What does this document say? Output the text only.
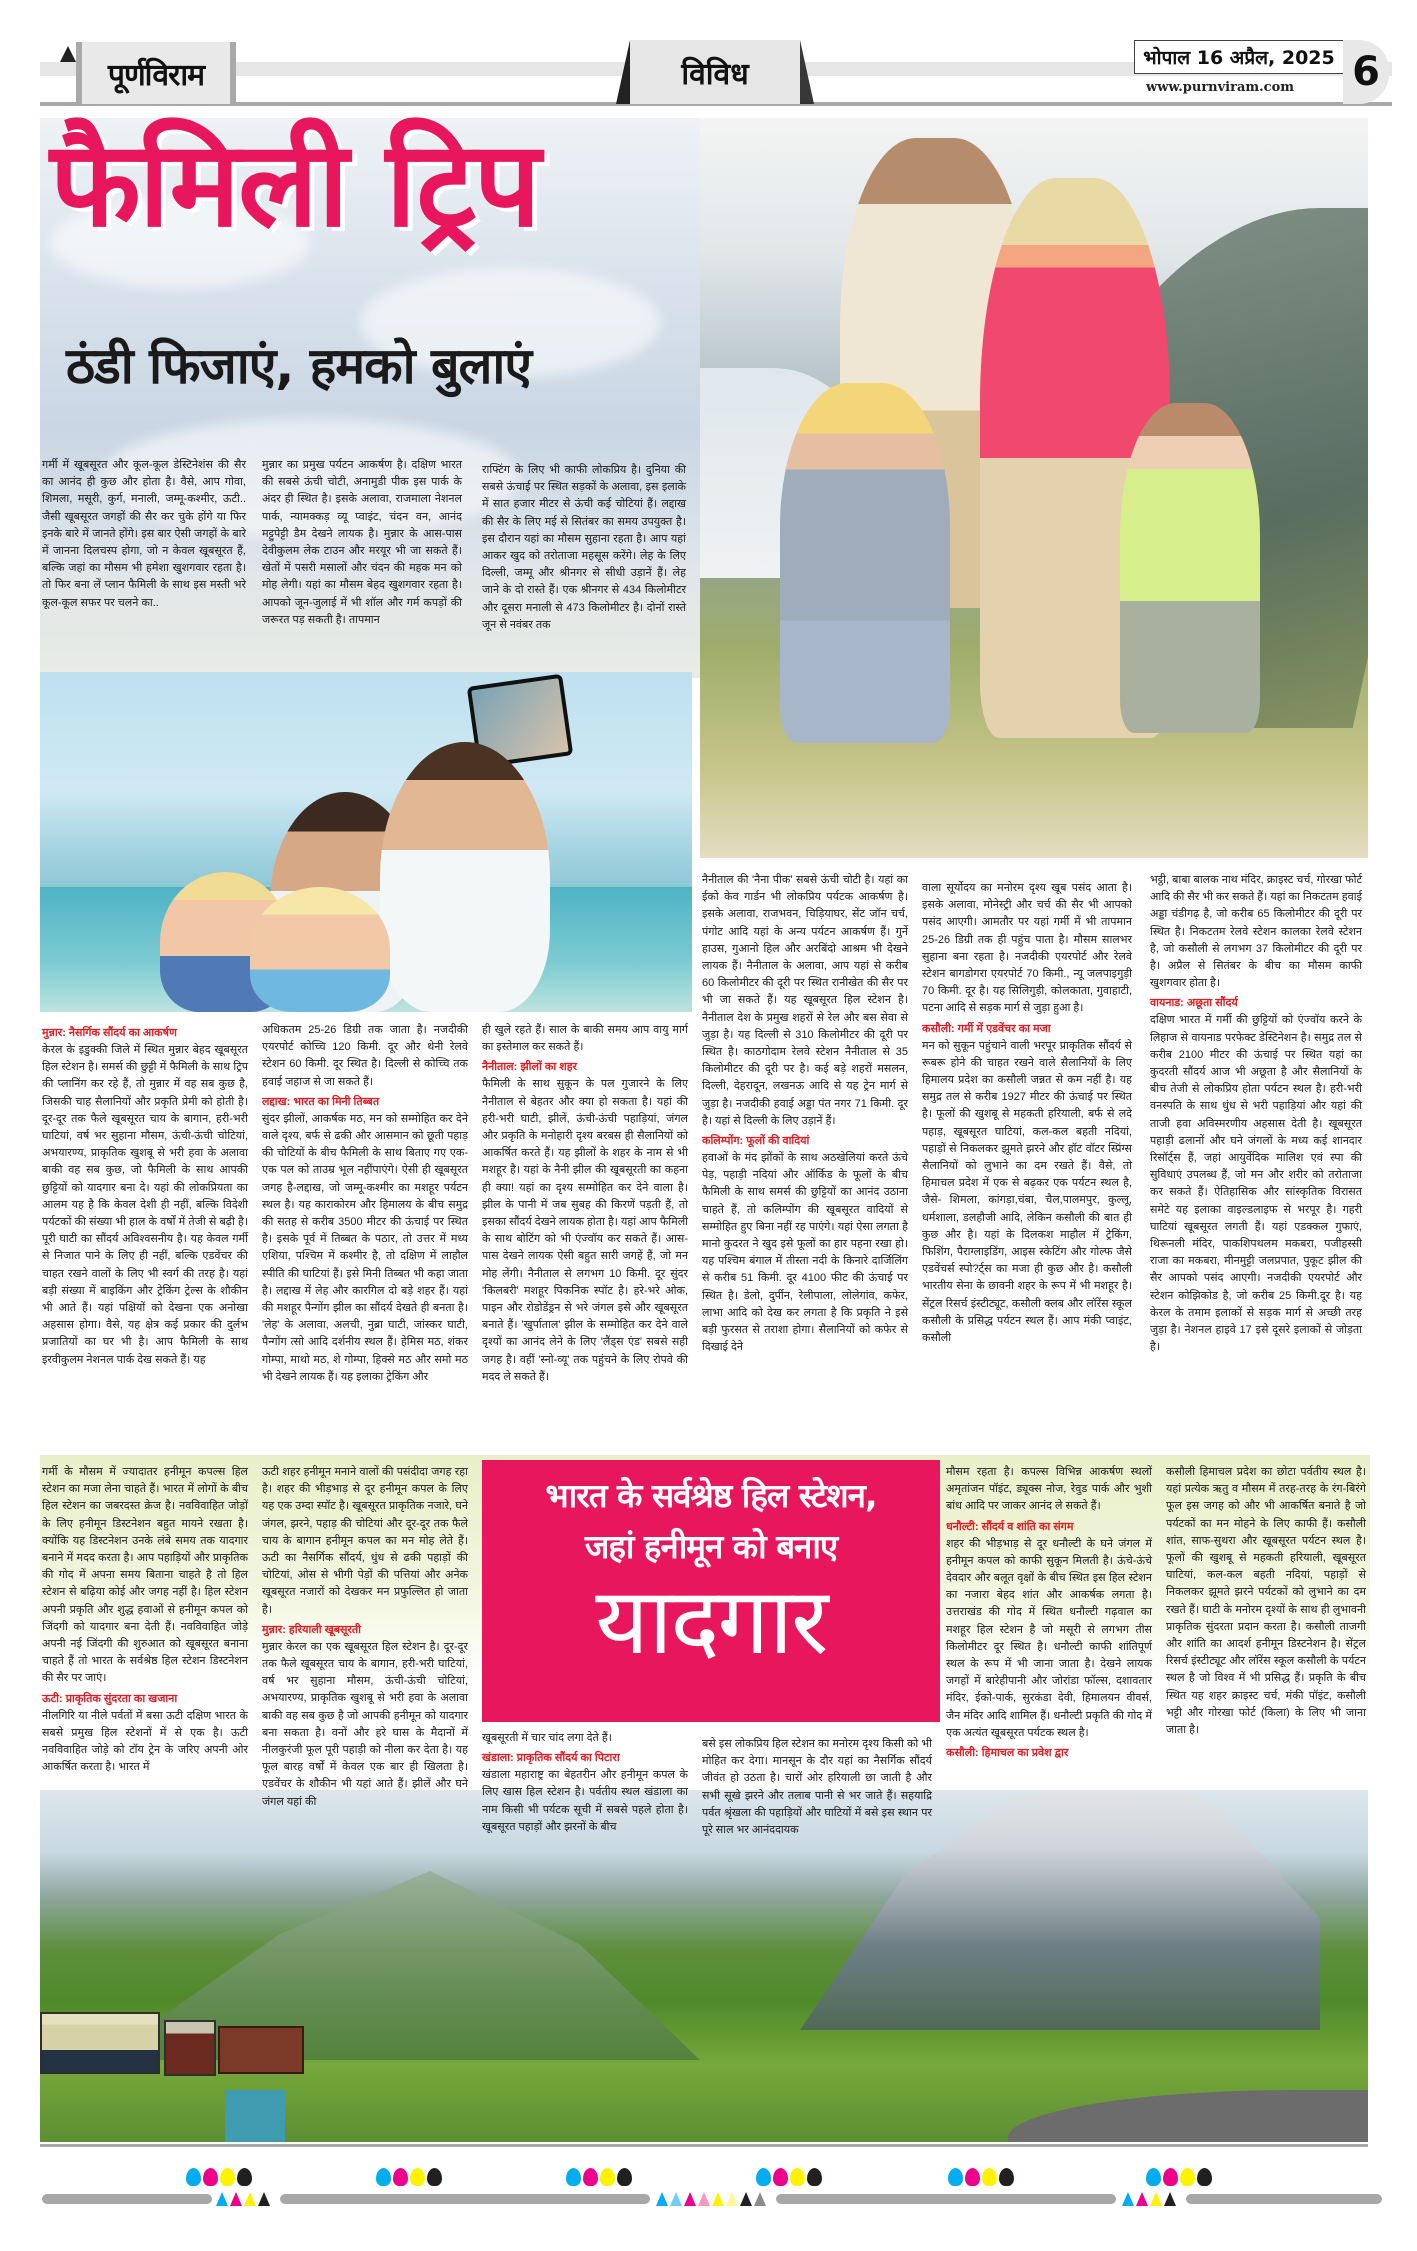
पूर्णविराम	विविध	भोपाल 16 अप्रैल, 2025
www.purnviram.com 6
फैमिली ट्रिप
ठंडी फिजाएं, हमको बुलाएं

गर्मी में खूबसूरत और कूल-कूल डेस्टिनेशंस की सैर का आनंद ही कुछ और होता है। वैसे, आप गोवा, शिमला, मसूरी, कुर्ग, मनाली, जम्मू-कश्मीर, ऊटी.. जैसी खूबसूरत जगहों की सैर कर चुके होंगे या फिर इनके बारे में जानते होंगे। इस बार ऐसी जगहों के बारे में जानना दिलचस्प होगा, जो न केवल खूबसूरत हैं, बल्कि जहां का मौसम भी हमेशा खुशगवार रहता है। तो फिर बना लें प्लान फैमिली के साथ इस मस्ती भरे कूल-कूल सफर पर चलने का..

मुन्नार का प्रमुख पर्यटन आकर्षण है। दक्षिण भारत की सबसे ऊंची चोटी, अनामुडी पीक इस पार्क के अंदर ही स्थित है। इसके अलावा, राजमाला नेशनल पार्क, न्यामक्कड़ व्यू प्वाइंट, चंदन वन, आनंद मट्टुपेट्टी डैम देखने लायक है। मुन्नार के आस-पास देवीकुलम लेक टाउन और मरयूर भी जा सकते हैं। खेतों में पसरी मसालों और चंदन की महक मन को मोह लेगी। यहां का मौसम बेहद खुशगवार रहता है। आपको जून-जुलाई में भी शॉल और गर्म कपड़ों की जरूरत पड़ सकती है। तापमान

राफ्टिंग के लिए भी काफी लोकप्रिय है। दुनिया की सबसे ऊंचाई पर स्थित सड़कों के अलावा, इस इलाके में सात हजार मीटर से ऊंची कई चोटियां हैं। लद्दाख की सैर के लिए मई से सितंबर का समय उपयुक्त है। इस दौरान यहां का मौसम सुहाना रहता है। आप यहां आकर खुद को तरोताजा महसूस करेंगे। लेह के लिए दिल्ली, जम्मू और श्रीनगर से सीधी उड़ानें हैं। लेह जाने के दो रास्ते हैं। एक श्रीनगर से 434 किलोमीटर और दूसरा मनाली से 473 किलोमीटर है। दोनों रास्ते जून से नवंबर तक

मुन्नार: नैसर्गिक सौंदर्य का आकर्षण

केरल के इडुक्की जिले में स्थित मुन्नार बेहद खूबसूरत हिल स्टेशन है। समर्स की छुट्टी में फैमिली के साथ ट्रिप की प्लानिंग कर रहे हैं, तो मुन्नार में वह सब कुछ है, जिसकी चाह सैलानियों और प्रकृति प्रेमी को होती है। दूर-दूर तक फैले खूबसूरत चाय के बागान, हरी-भरी घाटियां, वर्ष भर सुहाना मौसम, ऊंची-ऊंची चोटियां, अभयारण्य, प्राकृतिक खुशबू से भरी हवा के अलावा बाकी वह सब कुछ, जो फैमिली के साथ आपकी छुट्टियों को यादगार बना दे। यहां की लोकप्रियता का आलम यह है कि केवल देशी ही नहीं, बल्कि विदेशी पर्यटकों की संख्या भी हाल के वर्षों में तेजी से बढ़ी है। पूरी घाटी का सौंदर्य अविश्वसनीय है। यह केवल गर्मी से निजात पाने के लिए ही नहीं, बल्कि एडवेंचर की चाहत रखने वालों के लिए भी स्वर्ग की तरह है। यहां बड़ी संख्या में बाइकिंग और ट्रेकिंग ट्रेल्स के शौकीन भी आते हैं। यहां पक्षियों को देखना एक अनोखा अहसास होगा। वैसे, यह क्षेत्र कई प्रकार की दुर्लभ प्रजातियों का घर भी है। आप फैमिली के साथ इरवीकुलम नेशनल पार्क देख सकते हैं। यह

अधिकतम 25-26 डिग्री तक जाता है। नजदीकी एयरपोर्ट कोच्चि 120 किमी. दूर और थेनी रेलवे स्टेशन 60 किमी. दूर स्थित है। दिल्ली से कोच्चि तक हवाई जहाज से जा सकते हैं।

लद्दाख: भारत का मिनी तिब्बत

सुंदर झीलों, आकर्षक मठ, मन को सम्मोहित कर देने वाले दृश्य, बर्फ से ढकी और आसमान को छूती पहाड़ की चोटियों के बीच फैमिली के साथ बिताए गए एक-एक पल को ताउम्र भूल नहींपाएंगे। ऐसी ही खूबसूरत जगह है-लद्दाख, जो जम्मू-कश्मीर का मशहूर पर्यटन स्थल है। यह काराकोरम और हिमालय के बीच समुद्र की सतह से करीब 3500 मीटर की ऊंचाई पर स्थित है। इसके पूर्व में तिब्बत के पठार, तो उत्तर में मध्य एशिया, पश्चिम में कश्मीर है, तो दक्षिण में लाहौल स्पीति की घाटियां हैं। इसे मिनी तिब्बत भी कहा जाता है। लद्दाख में लेह और कारगिल दो बड़े शहर हैं। यहां की मशहूर पैन्गोंग झील का सौंदर्य देखते ही बनता है। 'लेह' के अलावा, अलची, नुब्रा घाटी, जांस्कर घाटी, पैन्गोंग त्सो आदि दर्शनीय स्थल हैं। हेमिस मठ, शंकर गोम्पा, माथो मठ, शे गोम्पा, हिक्से मठ और समो मठ भी देखने लायक हैं। यह इलाका ट्रेकिंग और

ही खुले रहते हैं। साल के बाकी समय आप वायु मार्ग का इस्तेमाल कर सकते हैं।

नैनीताल: झीलों का शहर

फैमिली के साथ सुकून के पल गुजारने के लिए नैनीताल से बेहतर और क्या हो सकता है। यहां की हरी-भरी घाटी, झीलें, ऊंची-ऊंची पहाड़ियां, जंगल और प्रकृति के मनोहारी दृश्य बरबस ही सैलानियों को आकर्षित करते हैं। यह झीलों के शहर के नाम से भी मशहूर है। यहां के नैनी झील की खूबसूरती का कहना ही क्या! यहां का दृश्य सम्मोहित कर देने वाला है। झील के पानी में जब सुबह की किरणें पड़ती हैं, तो इसका सौंदर्य देखने लायक होता है। यहां आप फैमिली के साथ बोटिंग को भी एंज्वॉय कर सकते हैं। आस-पास देखने लायक ऐसी बहुत सारी जगहें हैं, जो मन मोह लेंगी। नैनीताल से लगभग 10 किमी. दूर सुंदर 'किलबरी' मशहूर पिकनिक स्पॉट है। हरे-भरे ओक, पाइन और रोडोडेंड्रन से भरे जंगल इसे और खूबसूरत बनाते हैं। 'खुर्पाताल' झील के सम्मोहित कर देने वाले दृश्यों का आनंद लेने के लिए 'लैंड्स एंड' सबसे सही जगह है। वहीं 'स्नो-व्यू' तक पहुंचने के लिए रोपवे की मदद ले सकते हैं।

नैनीताल की 'नैना पीक' सबसे ऊंची चोटी है। यहां का ईको केव गार्डन भी लोकप्रिय पर्यटक आकर्षण है। इसके अलावा, राजभवन, चिड़ियाघर, सेंट जॉन चर्च, पंगोट आदि यहां के अन्य पर्यटन आकर्षण हैं। गुर्ने हाउस, गुआनो हिल और अरबिंदो आश्रम भी देखने लायक हैं। नैनीताल के अलावा, आप यहां से करीब 60 किलोमीटर की दूरी पर स्थित रानीखेत की सैर पर भी जा सकते हैं। यह खूबसूरत हिल स्टेशन है। नैनीताल देश के प्रमुख शहरों से रेल और बस सेवा से जुड़ा है। यह दिल्ली से 310 किलोमीटर की दूरी पर स्थित है। काठगोदाम रेलवे स्टेशन नैनीताल से 35 किलोमीटर की दूरी पर है। कई बड़े शहरों मसलन, दिल्ली, देहरादून, लखनऊ आदि से यह ट्रेन मार्ग से जुड़ा है। नजदीकी हवाई अड्डा पंत नगर 71 किमी. दूर है। यहां से दिल्ली के लिए उड़ानें हैं।

कलिम्पोंग: फूलों की वादियां

हवाओं के मंद झोंकों के साथ अठखेलियां करते ऊंचे पेड़, पहाड़ी नदियां और ऑर्किड के फूलों के बीच फैमिली के साथ समर्स की छुट्टियों का आनंद उठाना चाहते हैं, तो कलिम्पोंग की खूबसूरत वादियों से सम्मोहित हुए बिना नहीं रह पाएंगे। यहां ऐसा लगता है मानो कुदरत ने खुद इसे फूलों का हार पहना रखा हो। यह पश्चिम बंगाल में तीस्ता नदी के किनारे दार्जिलिंग से करीब 51 किमी. दूर 4100 फीट की ऊंचाई पर स्थित है। डेलो, दुर्पीन, रेलीपाला, लोलेगांव, कफेर, लाभा आदि को देख कर लगता है कि प्रकृति ने इसे बड़ी फुरसत से तराशा होगा। सैलानियों को कफेर से दिखाई देने

वाला सूर्योदय का मनोरम दृश्य खूब पसंद आता है। इसके अलावा, मोनेस्ट्री और चर्च की सैर भी आपको पसंद आएगी। आमतौर पर यहां गर्मी में भी तापमान 25-26 डिग्री तक ही पहुंच पाता है। मौसम सालभर सुहाना बना रहता है। नजदीकी एयरपोर्ट और रेलवे स्टेशन बागडोगरा एयरपोर्ट 70 किमी., न्यू जलपाइगुड़ी 70 किमी. दूर है। यह सिलिगुड़ी, कोलकाता, गुवाहाटी, पटना आदि से सड़क मार्ग से जुड़ा हुआ है।

कसौली: गर्मी में एडवेंचर का मजा

मन को सुकून पहुंचाने वाली भरपूर प्राकृतिक सौंदर्य से रूबरू होने की चाहत रखने वाले सैलानियों के लिए हिमालय प्रदेश का कसौली जन्नत से कम नहीं है। यह समुद्र तल से करीब 1927 मीटर की ऊंचाई पर स्थित है। फूलों की खुशबू से महकती हरियाली, बर्फ से लदे पहाड़, खूबसूरत घाटियां, कल-कल बहती नदियां, पहाड़ों से निकलकर झूमते झरने और हॉट वॉटर स्प्रिंग्स सैलानियों को लुभाने का दम रखते हैं। वैसे, तो हिमाचल प्रदेश में एक से बढ़कर एक पर्यटन स्थल है, जैसे- शिमला, कांगड़ा,चंबा, चैल,पालमपुर, कुल्लू, धर्मशाला, डलहौजी आदि, लेकिन कसौली की बात ही कुछ और है। यहां के दिलकश माहौल में ट्रेकिंग, फिशिंग, पैराग्लाइडिंग, आइस स्केटिंग और गोल्फ जैसे एडवेंचर्स स्पो?र्ट्स का मजा ही कुछ और है। कसौली भारतीय सेना के छावनी शहर के रूप में भी मशहूर है। सेंट्रल रिसर्च इंस्टीट्यूट, कसौली क्लब और लॉरेंस स्कूल कसौली के प्रसिद्ध पर्यटन स्थल हैं। आप मंकी प्वाइंट, कसौली

भट्ठी, बाबा बालक नाथ मंदिर, क्राइस्ट चर्च, गोरखा फोर्ट आदि की सैर भी कर सकते हैं। यहां का निकटतम हवाई अड्डा चंडीगढ़ है, जो करीब 65 किलोमीटर की दूरी पर स्थित है। निकटतम रेलवे स्टेशन कालका रेलवे स्टेशन है, जो कसौली से लगभग 37 किलोमीटर की दूरी पर है। अप्रैल से सितंबर के बीच का मौसम काफी खुशगवार होता है।

वायनाड: अछूता सौंदर्य

दक्षिण भारत में गर्मी की छुट्टियों को एंज्वॉय करने के लिहाज से वायनाड परफेक्ट डेस्टिनेशन है। समुद्र तल से करीब 2100 मीटर की ऊंचाई पर स्थित यहां का कुदरती सौंदर्य आज भी अछूता है और सैलानियों के बीच तेजी से लोकप्रिय होता पर्यटन स्थल है। हरी-भरी वनस्पति के साथ धुंध से भरी पहाड़ियां और यहां की ताजी हवा अविस्मरणीय अहसास देती है। खूबसूरत पहाड़ी ढलानों और घने जंगलों के मध्य कई शानदार रिसॉर्ट्स हैं, जहां आयुर्वेदिक मालिश एवं स्पा की सुविधाएं उपलब्ध हैं, जो मन और शरीर को तरोताजा कर सकते हैं। ऐतिहासिक और सांस्कृतिक विरासत समेटे यह इलाका वाइल्डलाइफ से भरपूर है। गहरी घाटियां खूबसूरत लगती हैं। यहां एडक्कल गुफाएं, थिरूनली मंदिर, पाकशिपथलम मकबरा, पजीहस्सी राजा का मकबरा, मीनमुट्टी जलप्रपात, पुकूट झील की सैर आपको पसंद आएगी। नजदीकी एयरपोर्ट और स्टेशन कोझिकोड है, जो करीब 25 किमी.दूर है। यह केरल के तमाम इलाकों से सड़क मार्ग से अच्छी तरह जुड़ा है। नेशनल हाइवे 17 इसे दूसरे इलाकों से जोड़ता है।

भारत के सर्वश्रेष्ठ हिल स्टेशन,
जहां हनीमून को बनाए
यादगार

गर्मी के मौसम में ज्यादातर हनीमून कपल्स हिल स्टेशन का मजा लेना चाहते हैं। भारत में लोगों के बीच हिल स्टेशन का जबरदस्त क्रेज है। नवविवाहित जोड़ों के लिए हनीमून डिस्टनेशन बहुत मायने रखता है। क्योंकि यह डिस्टनेशन उनके लंबे समय तक यादगार बनाने में मदद करता है। आप पहाड़ियों और प्राकृतिक की गोद में अपना समय बिताना चाहते है तो हिल स्टेशन से बढ़िया कोई और जगह नहीं है। हिल स्टेशन अपनी प्रकृति और शुद्ध हवाओं से हनीमून कपल को जिंदगी को यादगार बना देती हैं। नवविवाहित जोड़े अपनी नई जिंदगी की शुरुआत को खूबसूरत बनाना चाहते हैं तो भारत के सर्वश्रेष्ठ हिल स्टेशन डिस्टनेशन की सैर पर जाएं।

ऊटी: प्राकृतिक सुंदरता का खजाना

नीलगिरि या नीले पर्वतों में बसा ऊटी दक्षिण भारत के सबसे प्रमुख हिल स्टेशनों में से एक है। ऊटी नवविवाहित जोड़े को टॉय ट्रेन के जरिए अपनी ओर आकर्षित करता है। भारत में

ऊटी शहर हनीमून मनाने वालों की पसंदीदा जगह रहा है। शहर की भीड़भाड़ से दूर हनीमून कपल के लिए यह एक उम्दा स्पॉट है। खूबसूरत प्राकृतिक नजारे, घने जंगल, झरने, पहाड़ की चोटियां और दूर-दूर तक फैले चाय के बागान हनीमून कपल का मन मोह लेते हैं। ऊटी का नैसर्गिक सौंदर्य, धुंध से ढकी पहाड़ों की चोटियां, ओस से भीगी पेड़ों की पत्तियां और अनेक खूबसूरत नजारों को देखकर मन प्रफुल्लित हो जाता है।

मुन्नार: हरियाली खूबसूरती

मुन्नार केरल का एक खूबसूरत हिल स्टेशन है। दूर-दूर तक फैले खूबसूरत चाय के बागान, हरी-भरी घाटियां, वर्ष भर सुहाना मौसम, ऊंची-ऊंची चोटियां, अभयारण्य, प्राकृतिक खुशबू से भरी हवा के अलावा बाकी वह सब कुछ है जो आपकी हनीमून को यादगार बना सकता है। वनों और हरे घास के मैदानों में नीलकुरंजी फूल पूरी पहाड़ी को नीला कर देता है। यह फूल बारह वर्षों में केवल एक बार ही खिलता है। एडवेंचर के शौकीन भी यहां आते हैं। झीलें और घने जंगल यहां की

खूबसूरती में चार चांद लगा देते हैं।

खंडाला: प्राकृतिक सौंदर्य का पिटारा

खंडाला महाराष्ट्र का बेहतरीन और हनीमून कपल के लिए खास हिल स्टेशन है। पर्वतीय स्थल खंडाला का नाम किसी भी पर्यटक सूची में सबसे पहले होता है। खूबसूरत पहाड़ों और झरनों के बीच

बसे इस लोकप्रिय हिल स्टेशन का मनोरम दृश्य किसी को भी मोहित कर देगा। मानसून के दौर यहां का नैसर्गिक सौंदर्य जीवंत हो उठता है। चारों ओर हरियाली छा जाती है और सभी सूखे झरने और तलाब पानी से भर जाते हैं। सहयाद्रि पर्वत श्रृंखला की पहाड़ियों और घाटियों में बसे इस स्थान पर पूरे साल भर आनंददायक

मौसम रहता है। कपल्स विभिन्न आकर्षण स्थलों अमृतांजन पॉइंट, ड्यूक्स नोज, रेवुड पार्क और भुशी बांध आदि पर जाकर आनंद ले सकते हैं।

धनौल्टी: सौंदर्य व शांति का संगम

शहर की भीड़भाड़ से दूर धनौल्टी के घने जंगल में हनीमून कपल को काफी सुकून मिलती है। ऊंचे-ऊंचे देवदार और बलूत वृक्षों के बीच स्थित इस हिल स्टेशन का नजारा बेहद शांत और आकर्षक लगता है। उत्तराखंड की गोद में स्थित धनौल्टी गढ़वाल का मशहूर हिल स्टेशन है जो मसूरी से लगभग तीस किलोमीटर दूर स्थित है। धनौल्टी काफी शांतिपूर्ण स्थल के रूप में भी जाना जाता है। देखने लायक जगहों में बारेहीपानी और जोरांडा फॉल्स, दशावतार मंदिर, ईको-पार्क, सुरकंडा देवी, हिमालयन वीवर्स, जैन मंदिर आदि शामिल हैं। धनौल्टी प्रकृति की गोद में एक अत्यंत खूबसूरत पर्यटक स्थल है।

कसौली: हिमाचल का प्रवेश द्वार

कसौली हिमाचल प्रदेश का छोटा पर्वतीय स्थल है। यहां प्रत्येक ऋतु व मौसम में तरह-तरह के रंग-बिरंगे फूल इस जगह को और भी आकर्षित बनाते है जो पर्यटकों का मन मोहने के लिए काफी हैं। कसौली शांत, साफ-सुथरा और खूबसूरत पर्यटन स्थल है। फूलों की खुशबू से महकती हरियाली, खूबसूरत घाटियां, कल-कल बहती नदियां, पहाड़ों से निकलकर झूमते झरने पर्यटकों को लुभाने का दम रखते हैं। घाटी के मनोरम दृश्यों के साथ ही लुभावनी प्राकृतिक सुंदरता प्रदान करता है। कसौली ताजगी और शांति का आदर्श हनीमून डिस्टनेशन है। सेंट्रल रिसर्च इंस्टीट्यूट और लॉरेंस स्कूल कसौली के पर्यटन स्थल है जो विश्व में भी प्रसिद्ध हैं। प्रकृति के बीच स्थित यह शहर क्राइस्ट चर्च, मंकी पॉइंट, कसौली भट्टी और गोरखा फोर्ट (किला) के लिए भी जाना जाता है।
